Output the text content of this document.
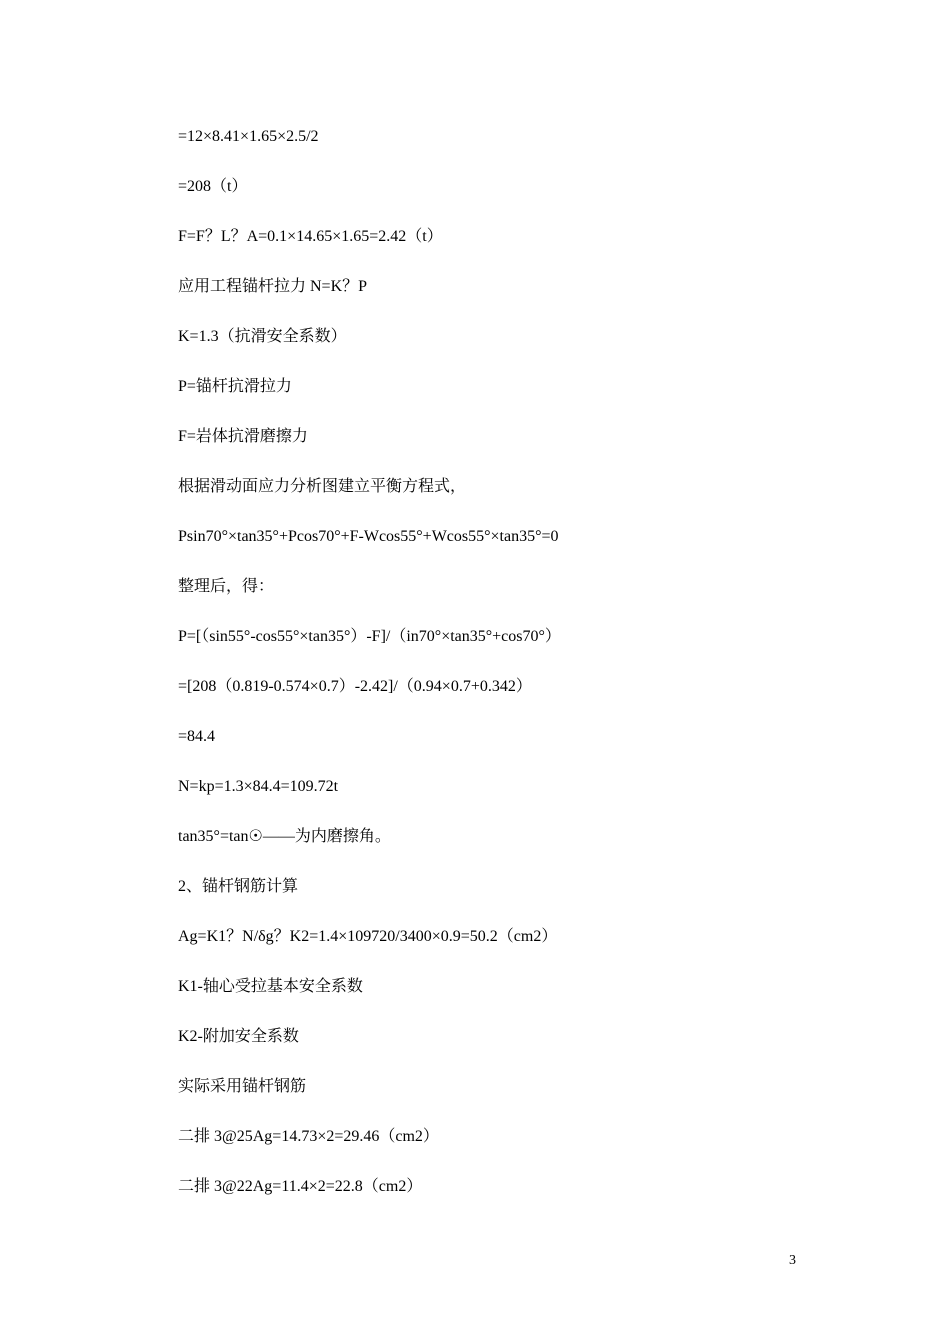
=12×8.41×1.65×2.5/2
=208（t）
F=F？L？A=0.1×14.65×1.65=2.42（t）
应用工程锚杆拉力 N=K？P
K=1.3（抗滑安全系数）
P=锚杆抗滑拉力
F=岩体抗滑磨擦力
根据滑动面应力分析图建立平衡方程式，
Psin70°×tan35°+Pcos70°+F-Wcos55°+Wcos55°×tan35°=0
整理后，得：
P=[（sin55°-cos55°×tan35°）-F]/（in70°×tan35°+cos70°）
=[208（0.819-0.574×0.7）-2.42]/（0.94×0.7+0.342）
=84.4
N=kp=1.3×84.4=109.72t
tan35°=tan☉——为内磨擦角。
2、锚杆钢筋计算
Ag=K1？N/δg？K2=1.4×109720/3400×0.9=50.2（cm2）
K1-轴心受拉基本安全系数
K2-附加安全系数
实际采用锚杆钢筋
二排 3@25Ag=14.73×2=29.46（cm2）
二排 3@22Ag=11.4×2=22.8（cm2）
3
